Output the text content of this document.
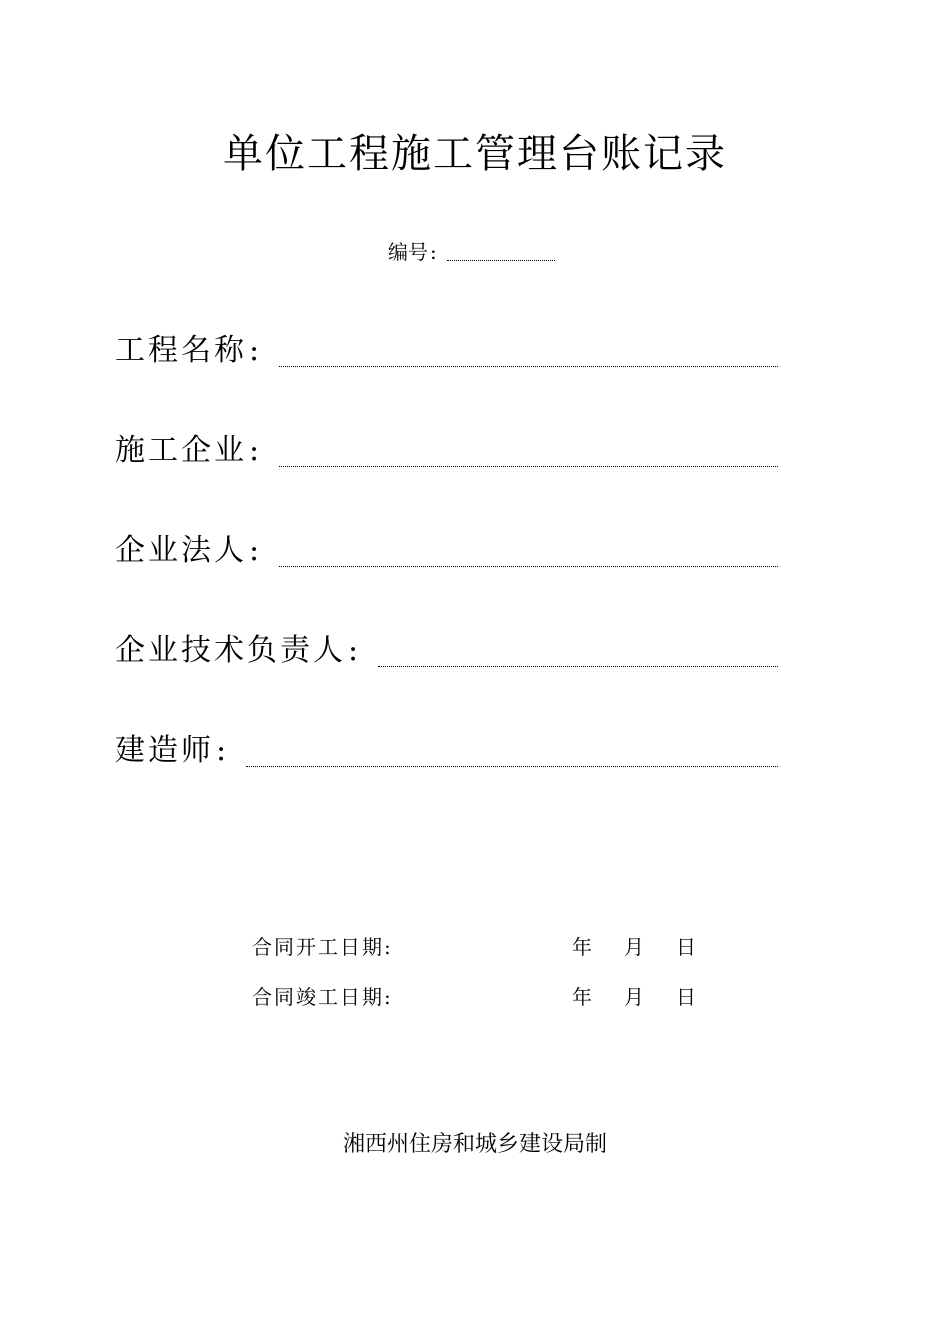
单位工程施工管理台账记录
编号 :
工程名称 :
施工企业 :
企业法人 :
企业技术负责人 :
建造师 :
合同开工日期:	年 月 日
合同竣工日期:	年 月 日
湘西州住房和城乡建设局制
